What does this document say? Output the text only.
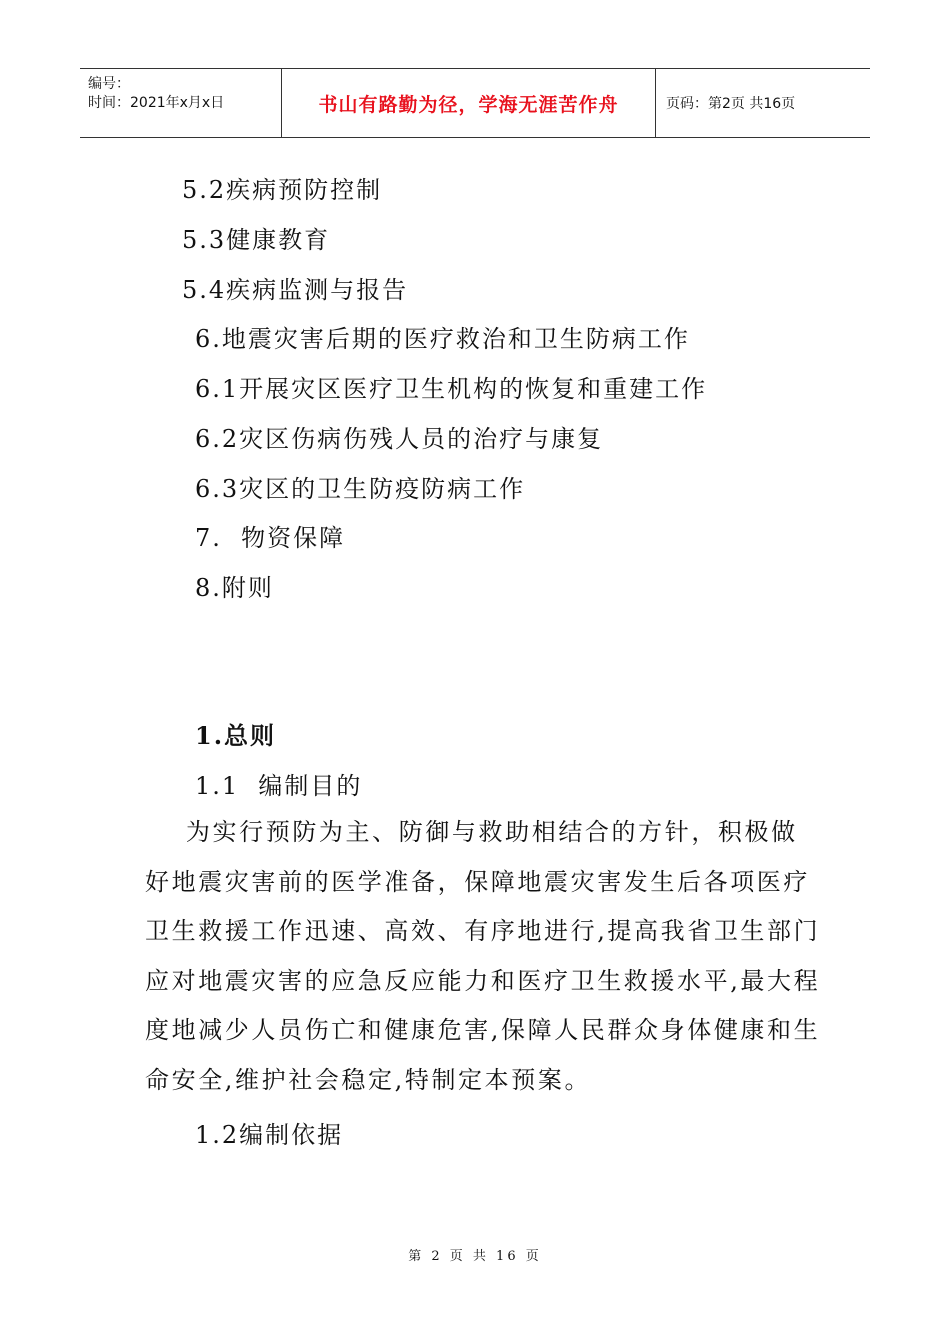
编号：
时间：2021年x月x日	书山有路勤为径，学海无涯苦作舟	页码：第2页 共16页
5.2疾病预防控制
5.3健康教育
5.4疾病监测与报告
6.地震灾害后期的医疗救治和卫生防病工作
6.1开展灾区医疗卫生机构的恢复和重建工作
6.2灾区伤病伤残人员的治疗与康复
6.3灾区的卫生防疫防病工作
7.  物资保障
8.附则
1.总则
1.1  编制目的
为实行预防为主、防御与救助相结合的方针，积极做
好地震灾害前的医学准备，保障地震灾害发生后各项医疗
卫生救援工作迅速、高效、有序地进行,提高我省卫生部门
应对地震灾害的应急反应能力和医疗卫生救援水平,最大程
度地减少人员伤亡和健康危害,保障人民群众身体健康和生
命安全,维护社会稳定,特制定本预案。
1.2编制依据
第 2 页 共 16 页
